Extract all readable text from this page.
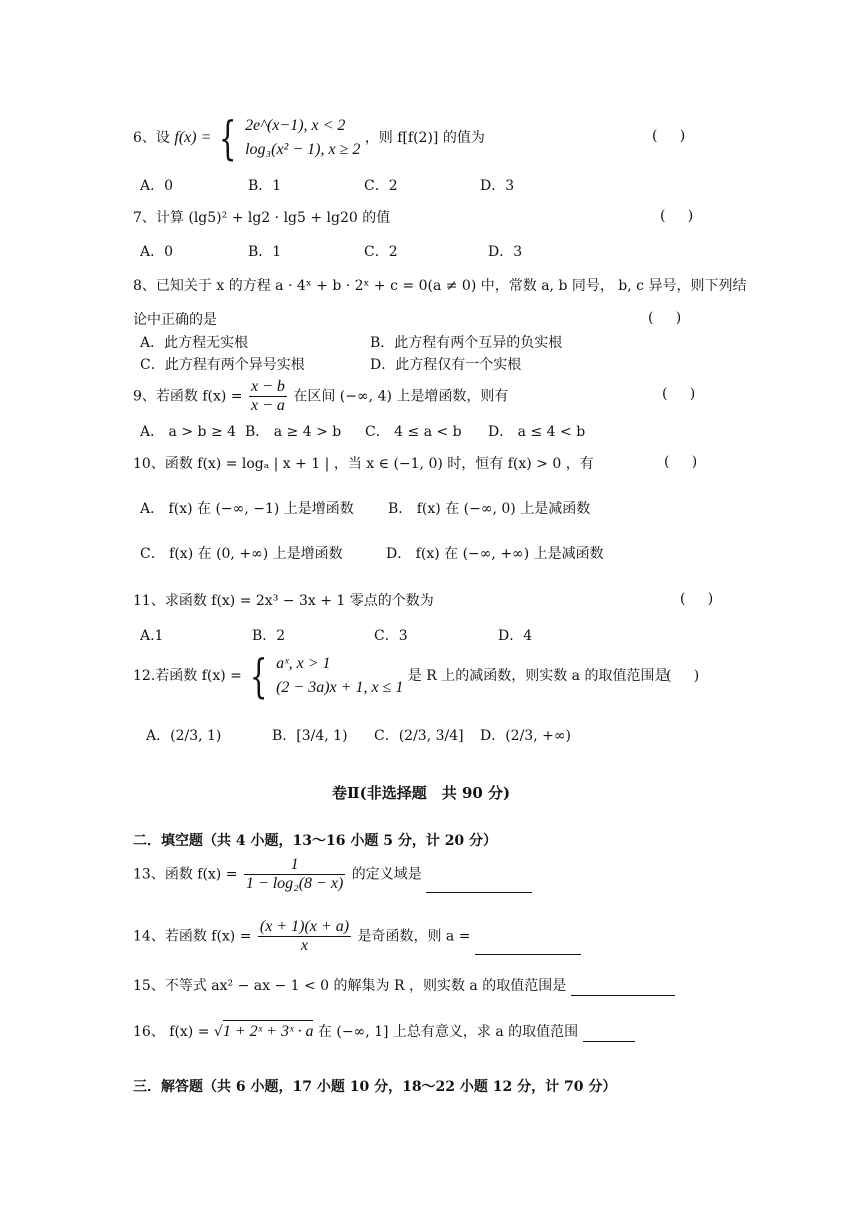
6、设 f(x) = { 2e^(x−1), x < 2
log₃(x² − 1), x ≥ 2
，则 f[f(2)] 的值为	(     )
A．0	B．1	C．2	D．3
7、计算 (lg5)² + lg2 · lg5 + lg20 的值	(     )
A．0	B．1	C．2	D．3
8、已知关于 x 的方程 a · 4ˣ + b · 2ˣ + c = 0(a ≠ 0) 中，常数 a, b 同号， b, c 异号，则下列结
论中正确的是	(     )
A．此方程无实根	B．此方程有两个互异的负实根
C．此方程有两个异号实根	D．此方程仅有一个实根
9、若函数 $f(x) = \frac{x - b}{x - a}$ 在区间 (−∞, 4) 上是增函数，则有	(     )
A． a > b ≥ 4 B． a ≥ 4 > b C． 4 ≤ a < b D． a ≤ 4 < b
10、函数 f(x) = logₐ | x + 1 | ，当 x ∈ (−1, 0) 时，恒有 f(x) > 0 ，有	(     )
A． f(x) 在 (−∞, −1) 上是增函数 B． f(x) 在 (−∞, 0) 上是减函数
C． f(x) 在 (0, +∞) 上是增函数	D． f(x) 在 (−∞, +∞) 上是减函数
11、求函数 f(x) = 2x³ − 3x + 1 零点的个数为	(     )
A.1	B．2	C．3	D．4
12.若函数 f(x) = { aˣ, x > 1
(2 − 3a)x + 1, x ≤ 1
是 R 上的减函数，则实数 a 的取值范围是
(     )
A．(2/3, 1)	B．[3/4, 1) C．(2/3, 3/4] D．(2/3, +∞)
卷Ⅱ(非选择题　共 90 分)
二．填空题（共 4 小题，13～16 小题 5 分，计 20 分）
13、函数 $f(x) = \frac{1}{\text{1 − log₂(8 − x)}}$ 的定义域是
14、若函数 $f(x) = \frac{(x + 1)(x + a)}{x}$ 是奇函数，则 a =
15、不等式 ax² − ax − 1 < 0 的解集为 R ，则实数 a 的取值范围是
16、 f(x) = √1 + 2ˣ + 3ˣ · a 在 (−∞, 1] 上总有意义，求 a 的取值范围
三．解答题（共 6 小题，17 小题 10 分，18～22 小题 12 分，计 70 分）
